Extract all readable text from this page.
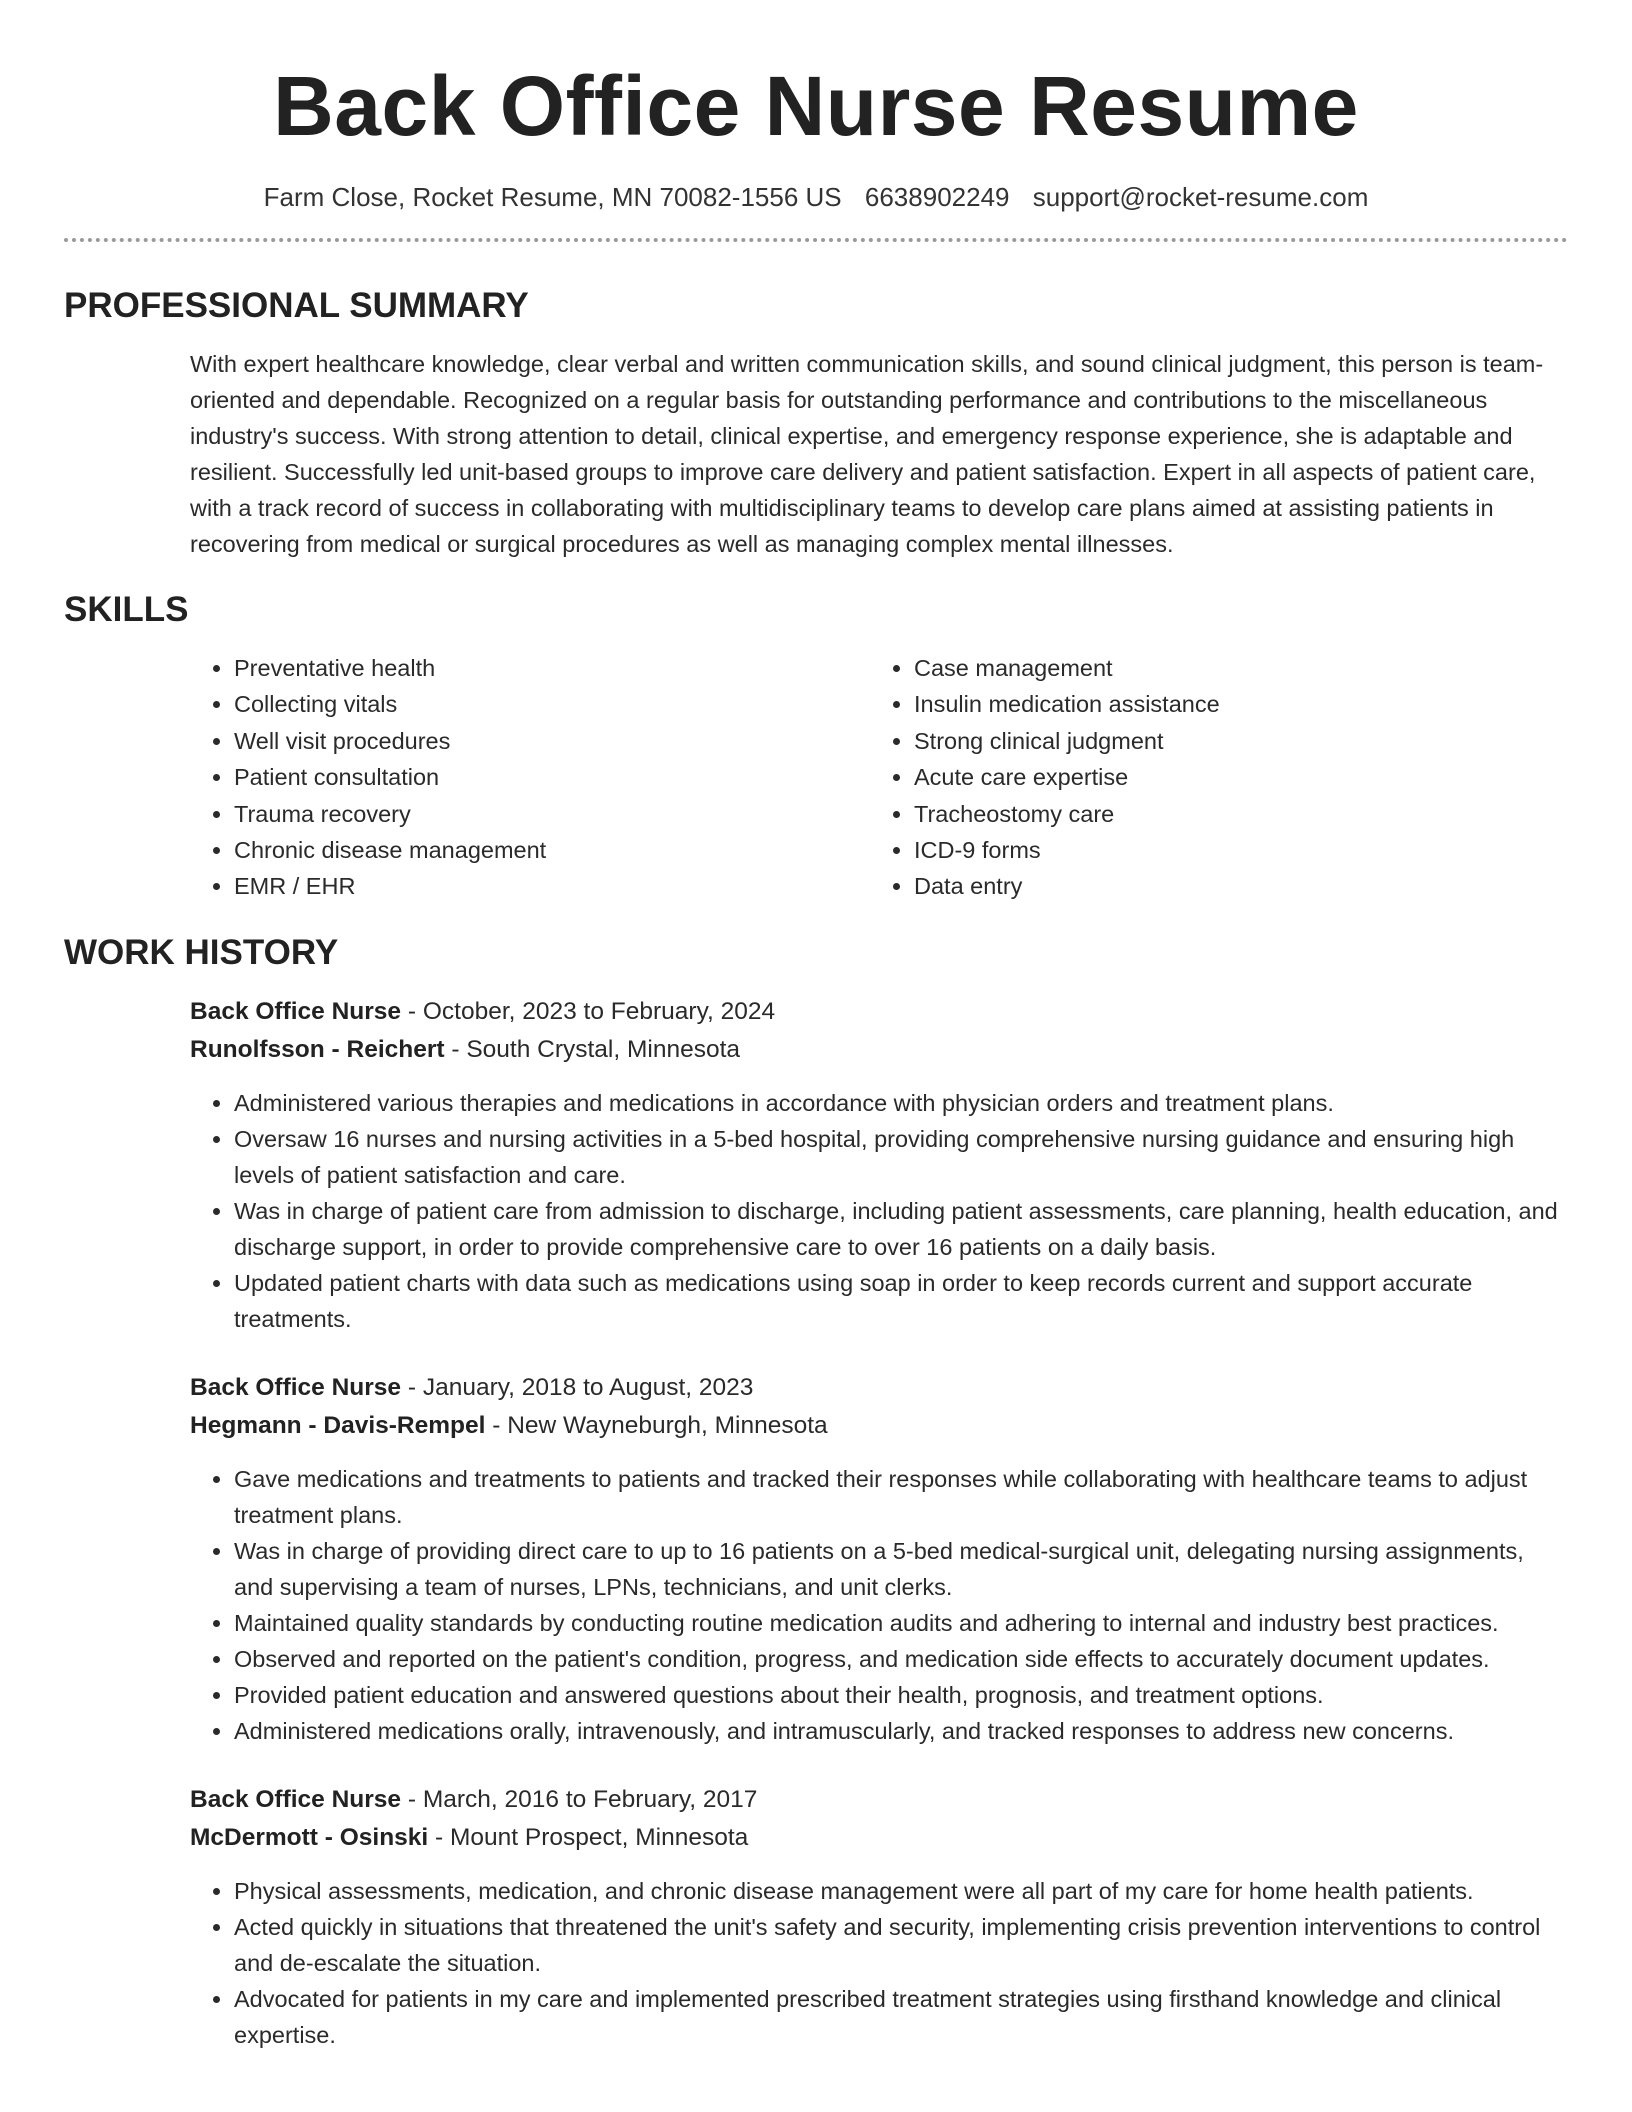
Back Office Nurse Resume
Farm Close, Rocket Resume, MN 70082-1556 US 6638902249 support@rocket-resume.com
PROFESSIONAL SUMMARY

With expert healthcare knowledge, clear verbal and written communication skills, and sound clinical judgment, this person is team-oriented and dependable. Recognized on a regular basis for outstanding performance and contributions to the miscellaneous industry's success. With strong attention to detail, clinical expertise, and emergency response experience, she is adaptable and resilient. Successfully led unit-based groups to improve care delivery and patient satisfaction. Expert in all aspects of patient care, with a track record of success in collaborating with multidisciplinary teams to develop care plans aimed at assisting patients in recovering from medical or surgical procedures as well as managing complex mental illnesses.

SKILLS
• Preventative health
• Collecting vitals
• Well visit procedures
• Patient consultation
• Trauma recovery
• Chronic disease management
• EMR / EHR
• Case management
• Insulin medication assistance
• Strong clinical judgment
• Acute care expertise
• Tracheostomy care
• ICD-9 forms
• Data entry
WORK HISTORY
Back Office Nurse - October, 2023 to February, 2024
Runolfsson - Reichert - South Crystal, Minnesota
• Administered various therapies and medications in accordance with physician orders and treatment plans.
• Oversaw 16 nurses and nursing activities in a 5-bed hospital, providing comprehensive nursing guidance and ensuring high levels of patient satisfaction and care.
• Was in charge of patient care from admission to discharge, including patient assessments, care planning, health education, and discharge support, in order to provide comprehensive care to over 16 patients on a daily basis.
• Updated patient charts with data such as medications using soap in order to keep records current and support accurate treatments.
Back Office Nurse - January, 2018 to August, 2023
Hegmann - Davis-Rempel - New Wayneburgh, Minnesota
• Gave medications and treatments to patients and tracked their responses while collaborating with healthcare teams to adjust treatment plans.
• Was in charge of providing direct care to up to 16 patients on a 5-bed medical-surgical unit, delegating nursing assignments, and supervising a team of nurses, LPNs, technicians, and unit clerks.
• Maintained quality standards by conducting routine medication audits and adhering to internal and industry best practices.
• Observed and reported on the patient's condition, progress, and medication side effects to accurately document updates.
• Provided patient education and answered questions about their health, prognosis, and treatment options.
• Administered medications orally, intravenously, and intramuscularly, and tracked responses to address new concerns.
Back Office Nurse - March, 2016 to February, 2017
McDermott - Osinski - Mount Prospect, Minnesota
• Physical assessments, medication, and chronic disease management were all part of my care for home health patients.
• Acted quickly in situations that threatened the unit's safety and security, implementing crisis prevention interventions to control and de-escalate the situation.
• Advocated for patients in my care and implemented prescribed treatment strategies using firsthand knowledge and clinical expertise.
